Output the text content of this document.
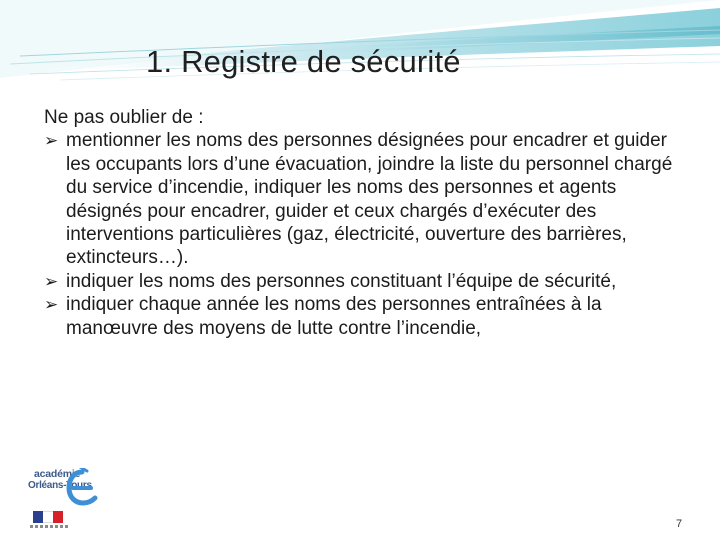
1. Registre de sécurité

Ne pas oublier de :

➢ mentionner les noms des personnes désignées pour encadrer et guider les occupants lors d’une évacuation, joindre la liste du personnel chargé du service d’incendie, indiquer les noms des personnes et agents désignés pour encadrer, guider et ceux chargés d’exécuter des interventions particulières (gaz, électricité, ouverture des barrières, extincteurs…).
➢ indiquer les noms des personnes constituant l’équipe de sécurité,
➢ indiquer chaque année les noms des personnes entraînées à la manœuvre des moyens de lutte contre l’incendie,
académie
Orléans-Tours
7
